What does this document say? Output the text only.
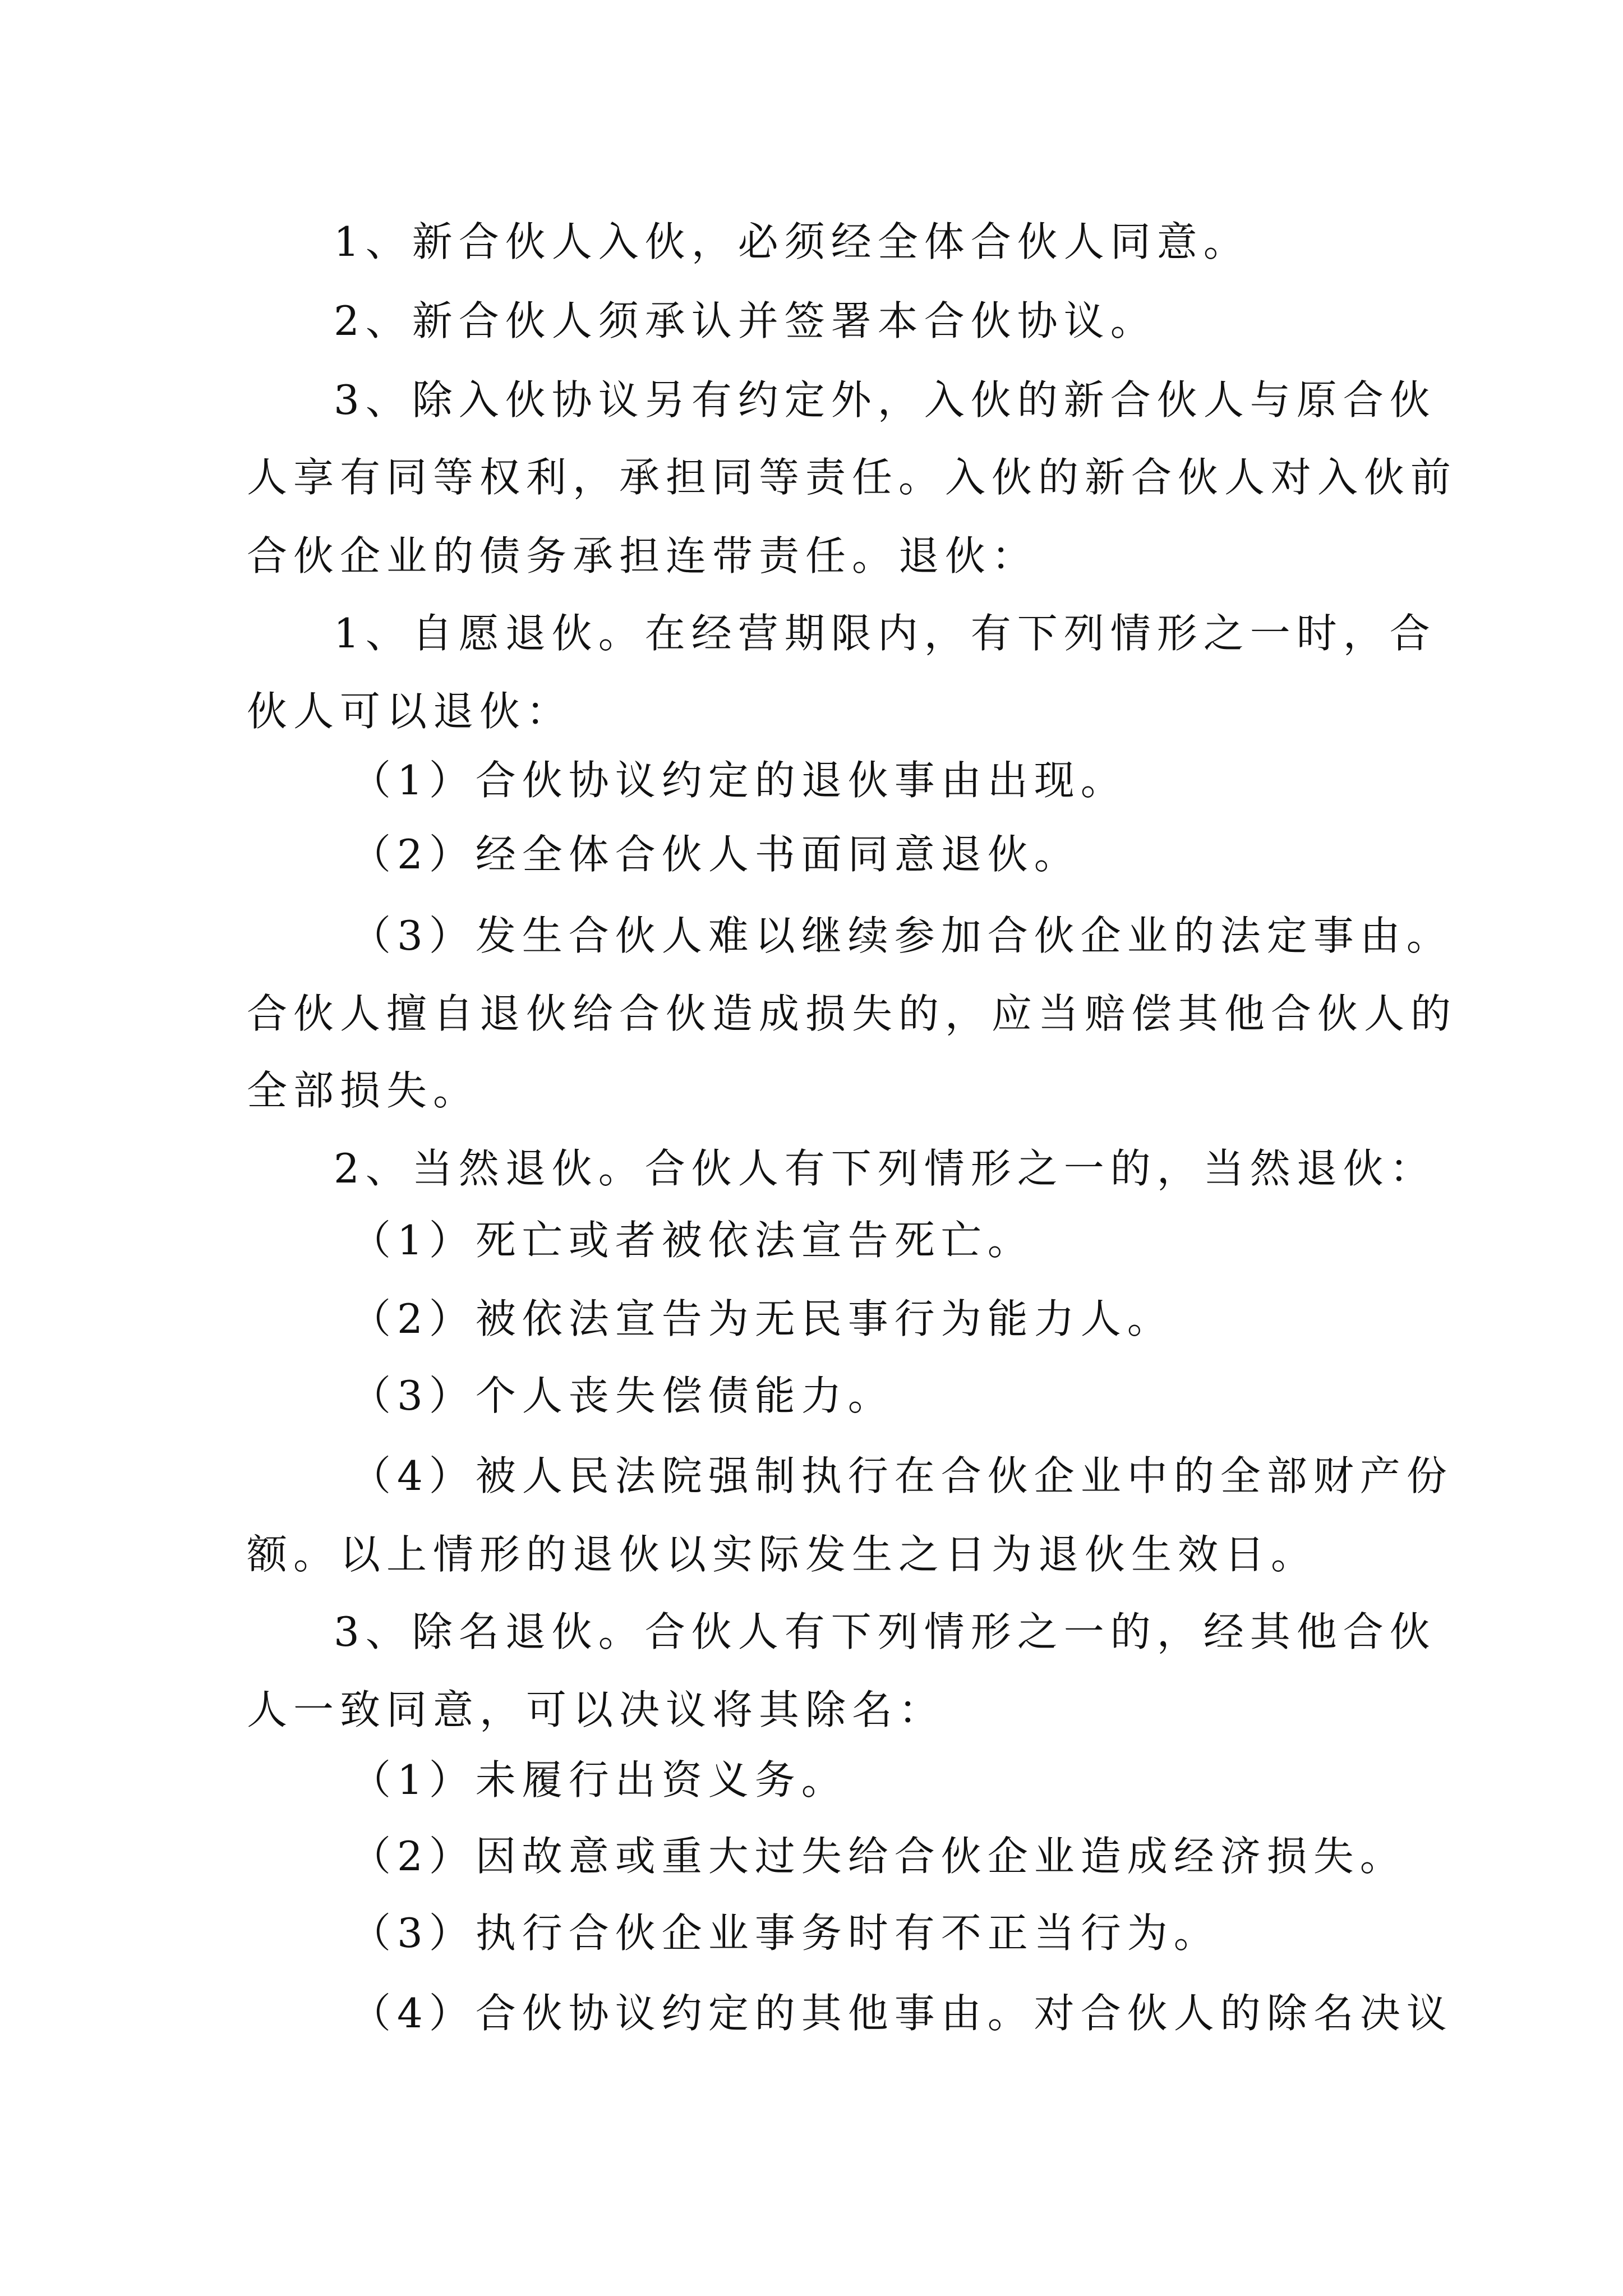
1、新合伙人入伙，必须经全体合伙人同意。
2、新合伙人须承认并签署本合伙协议。
3、除入伙协议另有约定外，入伙的新合伙人与原合伙
人享有同等权利，承担同等责任。入伙的新合伙人对入伙前
合伙企业的债务承担连带责任。退伙：
1、自愿退伙。在经营期限内，有下列情形之一时，合
伙人可以退伙：
（1）合伙协议约定的退伙事由出现。
（2）经全体合伙人书面同意退伙。
（3）发生合伙人难以继续参加合伙企业的法定事由。
合伙人擅自退伙给合伙造成损失的，应当赔偿其他合伙人的
全部损失。
2、当然退伙。合伙人有下列情形之一的，当然退伙：
（1）死亡或者被依法宣告死亡。
（2）被依法宣告为无民事行为能力人。
（3）个人丧失偿债能力。
（4）被人民法院强制执行在合伙企业中的全部财产份
额。以上情形的退伙以实际发生之日为退伙生效日。
3、除名退伙。合伙人有下列情形之一的，经其他合伙
人一致同意，可以决议将其除名：
（1）未履行出资义务。
（2）因故意或重大过失给合伙企业造成经济损失。
（3）执行合伙企业事务时有不正当行为。
（4）合伙协议约定的其他事由。对合伙人的除名决议
